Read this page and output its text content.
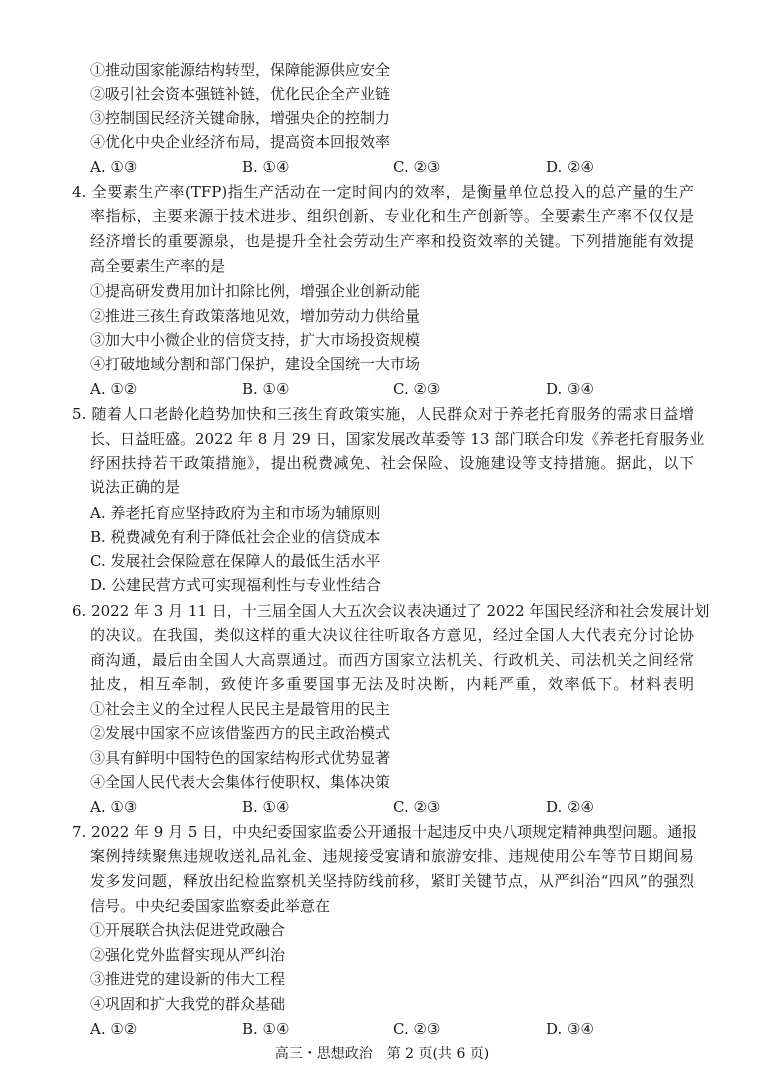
①推动国家能源结构转型，保障能源供应安全
②吸引社会资本强链补链，优化民企全产业链
③控制国民经济关键命脉，增强央企的控制力
④优化中央企业经济布局，提高资本回报效率
A. ①③	B. ①④	C. ②③	D. ②④
4. 全要素生产率(TFP)指生产活动在一定时间内的效率，是衡量单位总投入的总产量的生产
率指标，主要来源于技术进步、组织创新、专业化和生产创新等。全要素生产率不仅仅是
经济增长的重要源泉，也是提升全社会劳动生产率和投资效率的关键。下列措施能有效提
高全要素生产率的是
①提高研发费用加计扣除比例，增强企业创新动能
②推进三孩生育政策落地见效，增加劳动力供给量
③加大中小微企业的信贷支持，扩大市场投资规模
④打破地域分割和部门保护，建设全国统一大市场
A. ①②	B. ①④	C. ②③	D. ③④
5. 随着人口老龄化趋势加快和三孩生育政策实施，人民群众对于养老托育服务的需求日益增
长、日益旺盛。2022 年 8 月 29 日，国家发展改革委等 13 部门联合印发《养老托育服务业
纾困扶持若干政策措施》，提出税费减免、社会保险、设施建设等支持措施。据此，以下
说法正确的是
A. 养老托育应坚持政府为主和市场为辅原则
B. 税费减免有利于降低社会企业的信贷成本
C. 发展社会保险意在保障人的最低生活水平
D. 公建民营方式可实现福利性与专业性结合
6. 2022 年 3 月 11 日，十三届全国人大五次会议表决通过了 2022 年国民经济和社会发展计划
的决议。在我国，类似这样的重大决议往往听取各方意见，经过全国人大代表充分讨论协
商沟通，最后由全国人大高票通过。而西方国家立法机关、行政机关、司法机关之间经常
扯皮，相互牵制，致使许多重要国事无法及时决断，内耗严重，效率低下。材料表明
①社会主义的全过程人民民主是最管用的民主
②发展中国家不应该借鉴西方的民主政治模式
③具有鲜明中国特色的国家结构形式优势显著
④全国人民代表大会集体行使职权、集体决策
A. ①③	B. ①④	C. ②③	D. ②④
7. 2022 年 9 月 5 日，中央纪委国家监委公开通报十起违反中央八项规定精神典型问题。通报
案例持续聚焦违规收送礼品礼金、违规接受宴请和旅游安排、违规使用公车等节日期间易
发多发问题，释放出纪检监察机关坚持防线前移，紧盯关键节点，从严纠治“四风”的强烈
信号。中央纪委国家监察委此举意在
①开展联合执法促进党政融合
②强化党外监督实现从严纠治
③推进党的建设新的伟大工程
④巩固和扩大我党的群众基础
A. ①②	B. ①④	C. ②③	D. ③④
高三・思想政治　第 2 页(共 6 页)
